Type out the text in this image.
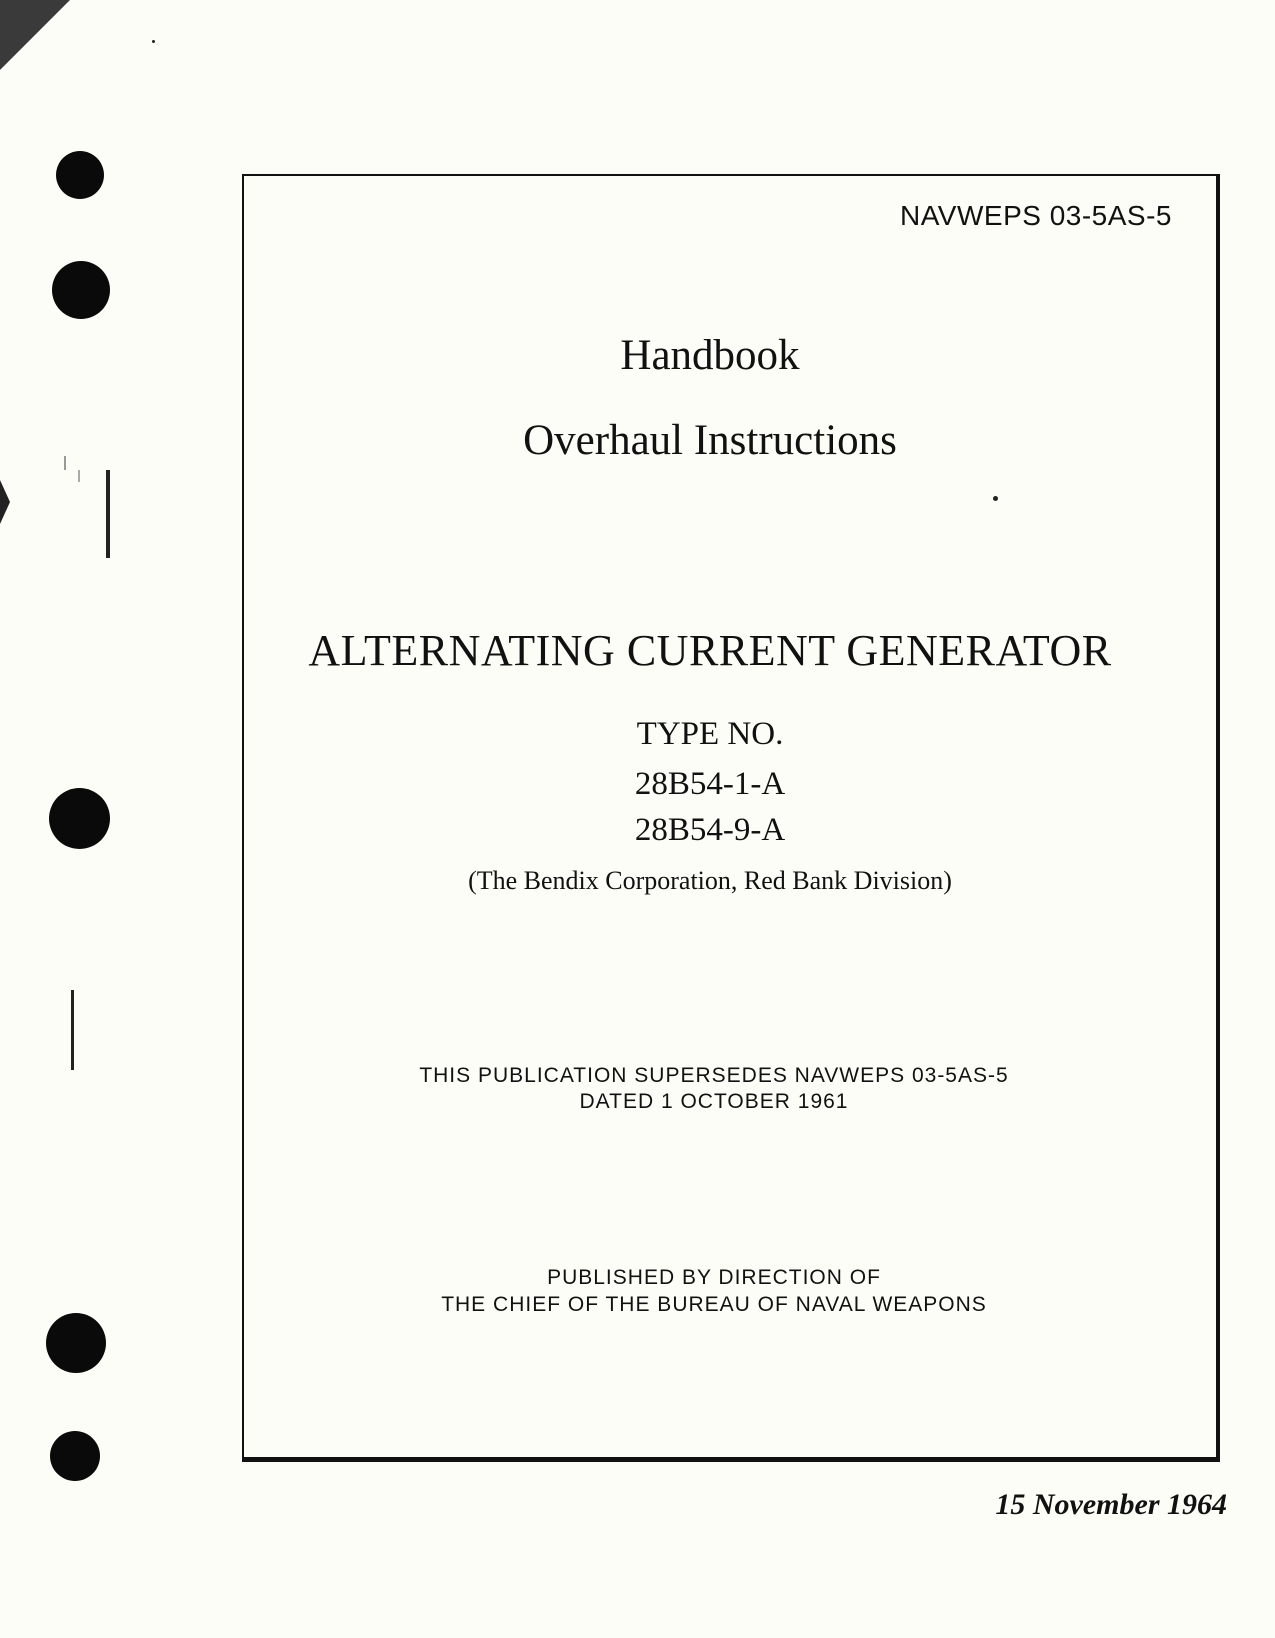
NAVWEPS 03-5AS-5
Handbook
Overhaul Instructions
ALTERNATING CURRENT GENERATOR
TYPE NO.
28B54-1-A
28B54-9-A
(The Bendix Corporation, Red Bank Division)
THIS PUBLICATION SUPERSEDES NAVWEPS 03-5AS-5
DATED 1 OCTOBER 1961
PUBLISHED BY DIRECTION OF
THE CHIEF OF THE BUREAU OF NAVAL WEAPONS
15 November 1964
